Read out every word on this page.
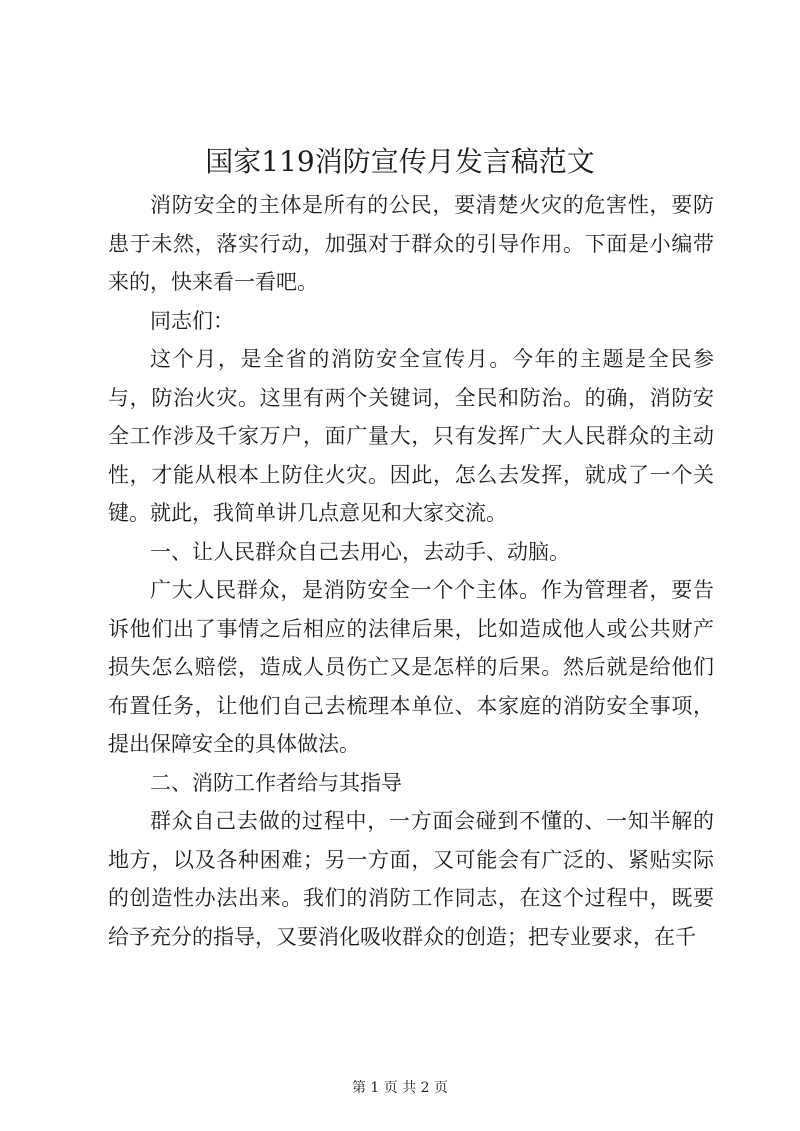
国家119消防宣传月发言稿范文

消防安全的主体是所有的公民，要清楚火灾的危害性，要防患于未然，落实行动，加强对于群众的引导作用。下面是小编带来的，快来看一看吧。

同志们：

这个月，是全省的消防安全宣传月。今年的主题是全民参与，防治火灾。这里有两个关键词，全民和防治。的确，消防安全工作涉及千家万户，面广量大，只有发挥广大人民群众的主动性，才能从根本上防住火灾。因此，怎么去发挥，就成了一个关键。就此，我简单讲几点意见和大家交流。

一、让人民群众自己去用心，去动手、动脑。

广大人民群众，是消防安全一个个主体。作为管理者，要告诉他们出了事情之后相应的法律后果，比如造成他人或公共财产损失怎么赔偿，造成人员伤亡又是怎样的后果。然后就是给他们布置任务，让他们自己去梳理本单位、本家庭的消防安全事项，提出保障安全的具体做法。

二、消防工作者给与其指导

群众自己去做的过程中，一方面会碰到不懂的、一知半解的地方，以及各种困难；另一方面，又可能会有广泛的、紧贴实际的创造性办法出来。我们的消防工作同志，在这个过程中，既要给予充分的指导，又要消化吸收群众的创造；把专业要求，在千

第 1 页 共 2 页
